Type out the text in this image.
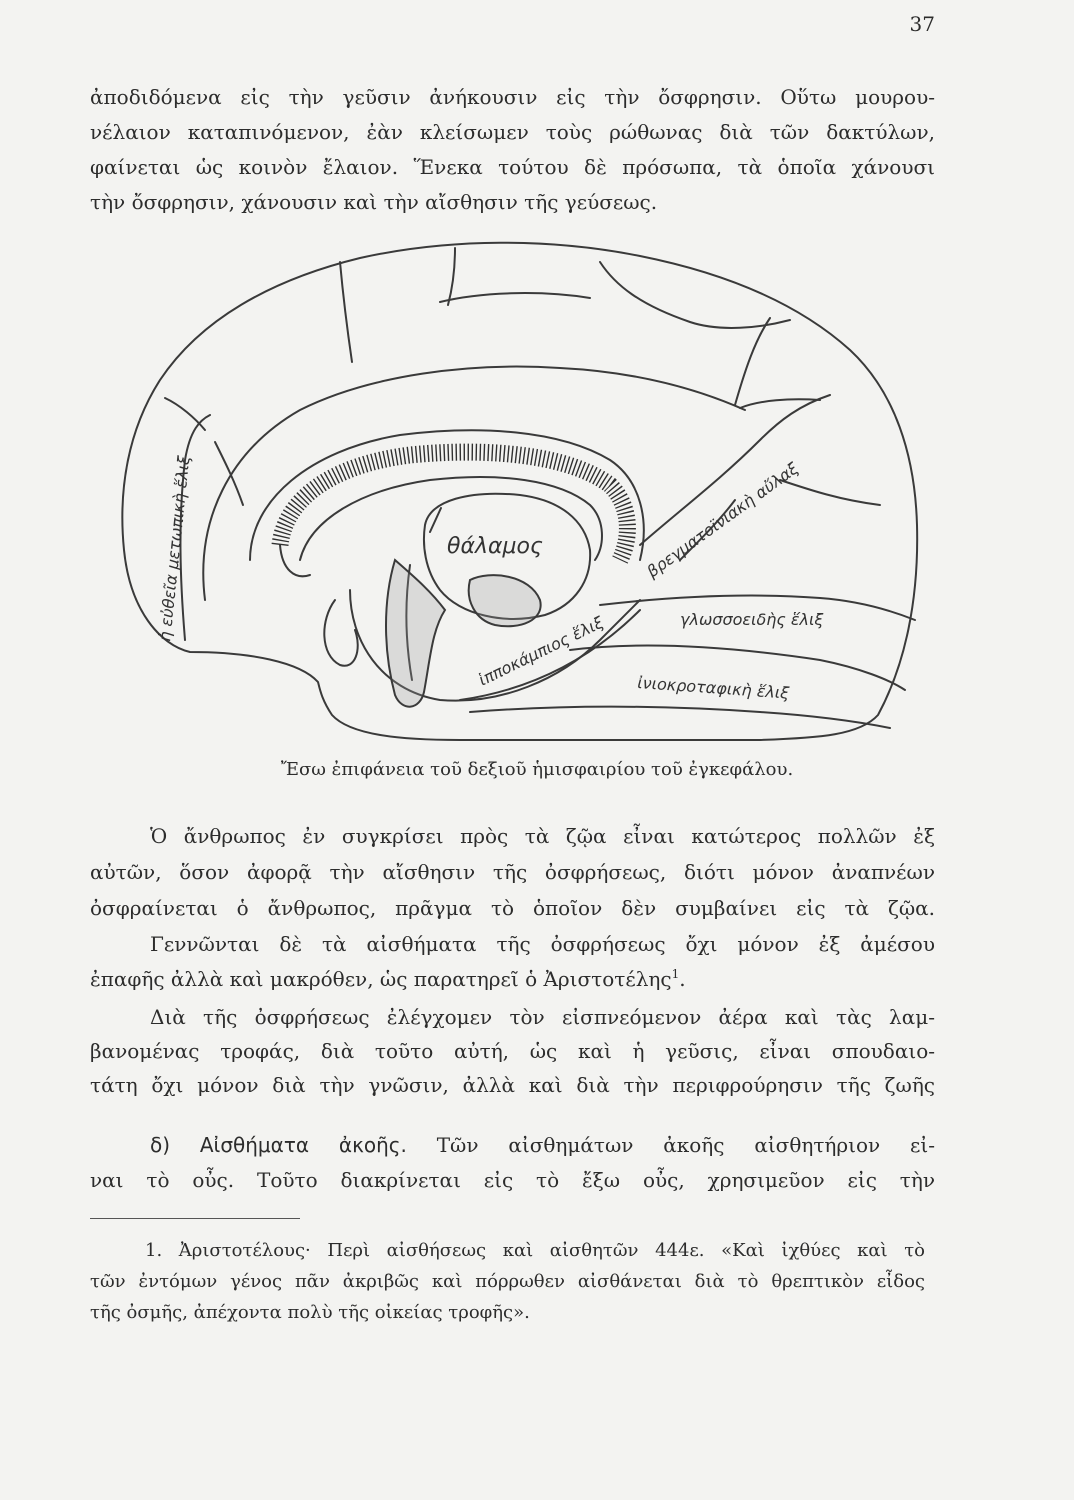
37
ἀποδιδόμενα εἰς τὴν γεῦσιν ἀνήκουσιν εἰς τὴν ὄσφρησιν. Οὕτω μουρου-
νέλαιον καταπινόμενον, ἐὰν κλείσωμεν τοὺς ρώθωνας διὰ τῶν δακτύλων,
φαίνεται ὡς κοινὸν ἔλαιον. Ἕνεκα τούτου δὲ πρόσωπα, τὰ ὁποῖα χάνουσι
τὴν ὄσφρησιν, χάνουσιν καὶ τὴν αἴσθησιν τῆς γεύσεως.
θάλαμος	βρεγματοϊνιακὴ αὔλαξ
γλωσσοειδὴς ἕλιξ
ἰνιοκροταφικὴ ἕλιξ
ἱπποκάμπιος ἕλιξ
ἡ εὐθεῖα μετωπικὴ ἕλιξ
Ἔσω ἐπιφάνεια τοῦ δεξιοῦ ἡμισφαιρίου τοῦ ἐγκεφάλου.
Ὁ ἄνθρωπος ἐν συγκρίσει πρὸς τὰ ζῷα εἶναι κατώτερος πολλῶν ἐξ
αὐτῶν, ὅσον ἀφορᾷ τὴν αἴσθησιν τῆς ὀσφρήσεως, διότι μόνον ἀναπνέων
ὀσφραίνεται ὁ ἄνθρωπος, πρᾶγμα τὸ ὁποῖον δὲν συμβαίνει εἰς τὰ ζῷα.
Γεννῶνται δὲ τὰ αἰσθήματα τῆς ὀσφρήσεως ὄχι μόνον ἐξ ἀμέσου
ἐπαφῆς ἀλλὰ καὶ μακρόθεν, ὡς παρατηρεῖ ὁ Ἀριστοτέλης$^1$.
Διὰ τῆς ὀσφρήσεως ἐλέγχομεν τὸν εἰσπνεόμενον ἀέρα καὶ τὰς λαμ-
βανομένας τροφάς, διὰ τοῦτο αὐτή, ὡς καὶ ἡ γεῦσις, εἶναι σπουδαιο-
τάτη ὄχι μόνον διὰ τὴν γνῶσιν, ἀλλὰ καὶ διὰ τὴν περιφρούρησιν τῆς ζωῆς
δ) Αἰσθήματα ἀκοῆς. Τῶν αἰσθημάτων ἀκοῆς αἰσθητήριον εἰ-
ναι τὸ οὖς. Τοῦτο διακρίνεται εἰς τὸ ἔξω οὖς, χρησιμεῦον εἰς τὴν
1. Ἀριστοτέλους· Περὶ αἰσθήσεως καὶ αἰσθητῶν 444ε. «Καὶ ἰχθύες καὶ τὸ
τῶν ἐντόμων γένος πᾶν ἀκριβῶς καὶ πόρρωθεν αἰσθάνεται διὰ τὸ θρεπτικὸν εἶδος
τῆς ὀσμῆς, ἀπέχοντα πολὺ τῆς οἰκείας τροφῆς».
